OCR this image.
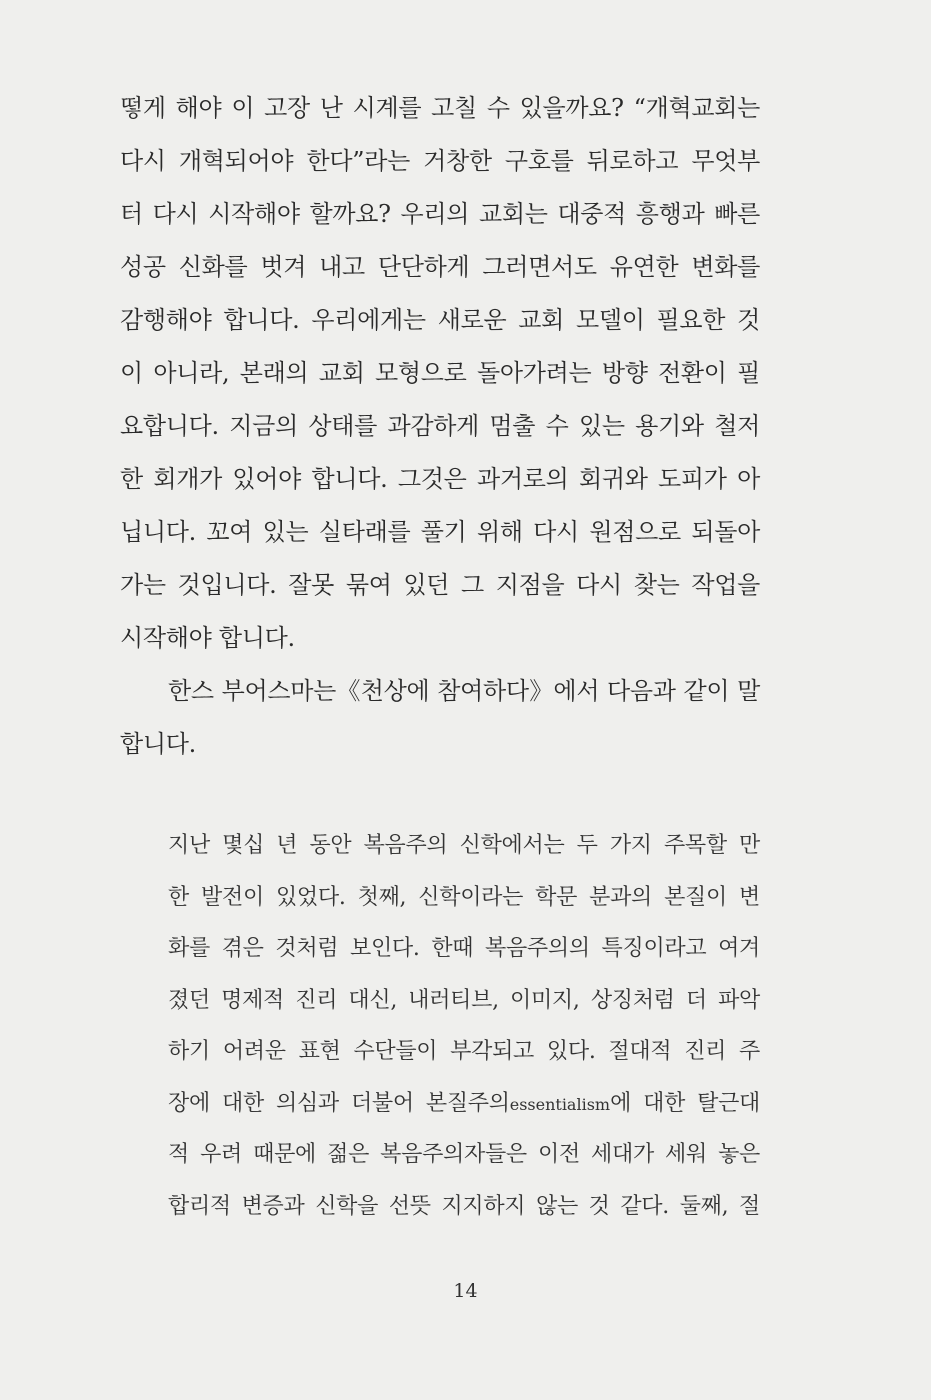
떻게 해야 이 고장 난 시계를 고칠 수 있을까요? “개혁교회는
다시 개혁되어야 한다”라는 거창한 구호를 뒤로하고 무엇부
터 다시 시작해야 할까요? 우리의 교회는 대중적 흥행과 빠른
성공 신화를 벗겨 내고 단단하게 그러면서도 유연한 변화를
감행해야 합니다. 우리에게는 새로운 교회 모델이 필요한 것
이 아니라, 본래의 교회 모형으로 돌아가려는 방향 전환이 필
요합니다. 지금의 상태를 과감하게 멈출 수 있는 용기와 철저
한 회개가 있어야 합니다. 그것은 과거로의 회귀와 도피가 아
닙니다. 꼬여 있는 실타래를 풀기 위해 다시 원점으로 되돌아
가는 것입니다. 잘못 묶여 있던 그 지점을 다시 찾는 작업을
시작해야 합니다.
한스 부어스마는《천상에 참여하다》에서 다음과 같이 말
합니다.
지난 몇십 년 동안 복음주의 신학에서는 두 가지 주목할 만
한 발전이 있었다. 첫째, 신학이라는 학문 분과의 본질이 변
화를 겪은 것처럼 보인다. 한때 복음주의의 특징이라고 여겨
졌던 명제적 진리 대신, 내러티브, 이미지, 상징처럼 더 파악
하기 어려운 표현 수단들이 부각되고 있다. 절대적 진리 주
장에 대한 의심과 더불어 본질주의essentialism에 대한 탈근대
적 우려 때문에 젊은 복음주의자들은 이전 세대가 세워 놓은
합리적 변증과 신학을 선뜻 지지하지 않는 것 같다. 둘째, 절
14
